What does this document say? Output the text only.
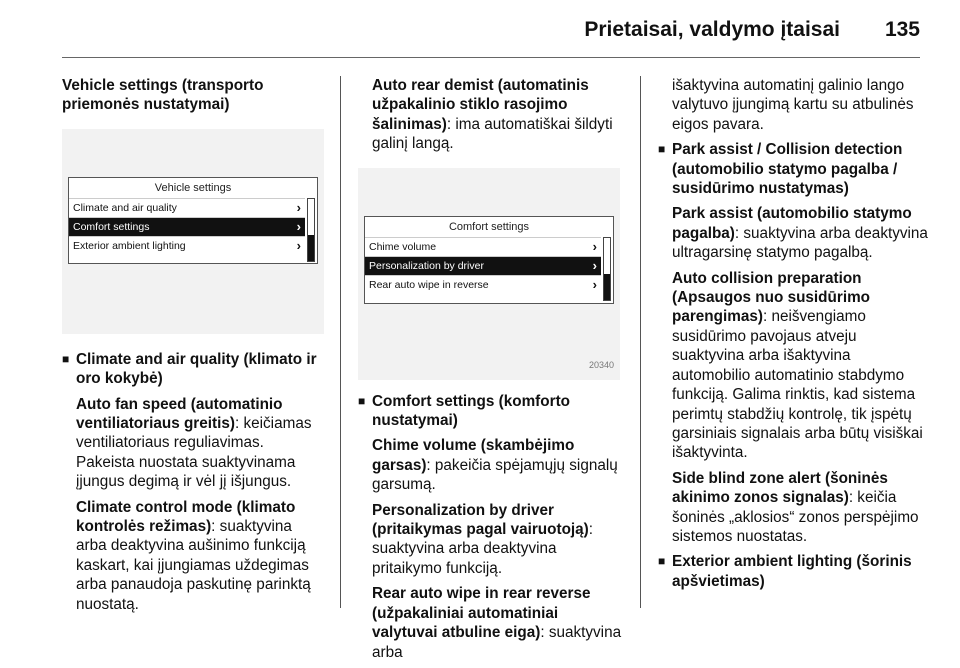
Prietaisai, valdymo įtaisai 135

Vehicle settings (transporto priemonės nustatymai)

Vehicle settings
Climate and air quality	›
Comfort settings	›
Exterior ambient lighting	›
■ Climate and air quality (klimato ir oro kokybė)

Auto fan speed (automatinio ventiliatoriaus greitis): keičiamas ventiliatoriaus reguliavimas. Pakeista nuostata suaktyvinama įjungus degimą ir vėl jį išjungus.

Climate control mode (klimato kontrolės režimas): suaktyvina arba deaktyvina aušinimo funkciją kaskart, kai įjungiamas uždegimas arba panaudoja paskutinę parinktą nuostatą.

Auto rear demist (automatinis užpakalinio stiklo rasojimo šalinimas): ima automatiškai šildyti galinį langą.

Comfort settings
Chime volume	›
Personalization by driver	›
Rear auto wipe in reverse	›
20340
■ Comfort settings (komforto nustatymai)

Chime volume (skambėjimo garsas): pakeičia spėjamųjų signalų garsumą.

Personalization by driver (pritaikymas pagal vairuotoją): suaktyvina arba deaktyvina pritaikymo funkciją.

Rear auto wipe in rear reverse (užpakaliniai automatiniai valytuvai atbuline eiga): suaktyvina arba

išaktyvina automatinį galinio lango valytuvo įjungimą kartu su atbulinės eigos pavara.

■ Park assist / Collision detection (automobilio statymo pagalba / susidūrimo nustatymas)

Park assist (automobilio statymo pagalba): suaktyvina arba deaktyvina ultragarsinę statymo pagalbą.

Auto collision preparation (Apsaugos nuo susidūrimo parengimas): neišvengiamo susidūrimo pavojaus atveju suaktyvina arba išaktyvina automobilio automatinio stabdymo funkciją. Galima rinktis, kad sistema perimtų stabdžių kontrolę, tik įspėtų garsiniais signalais arba būtų visiškai išaktyvinta.

Side blind zone alert (šoninės akinimo zonos signalas): keičia šoninės „aklosios“ zonos perspėjimo sistemos nuostatas.

■ Exterior ambient lighting (šorinis apšvietimas)
